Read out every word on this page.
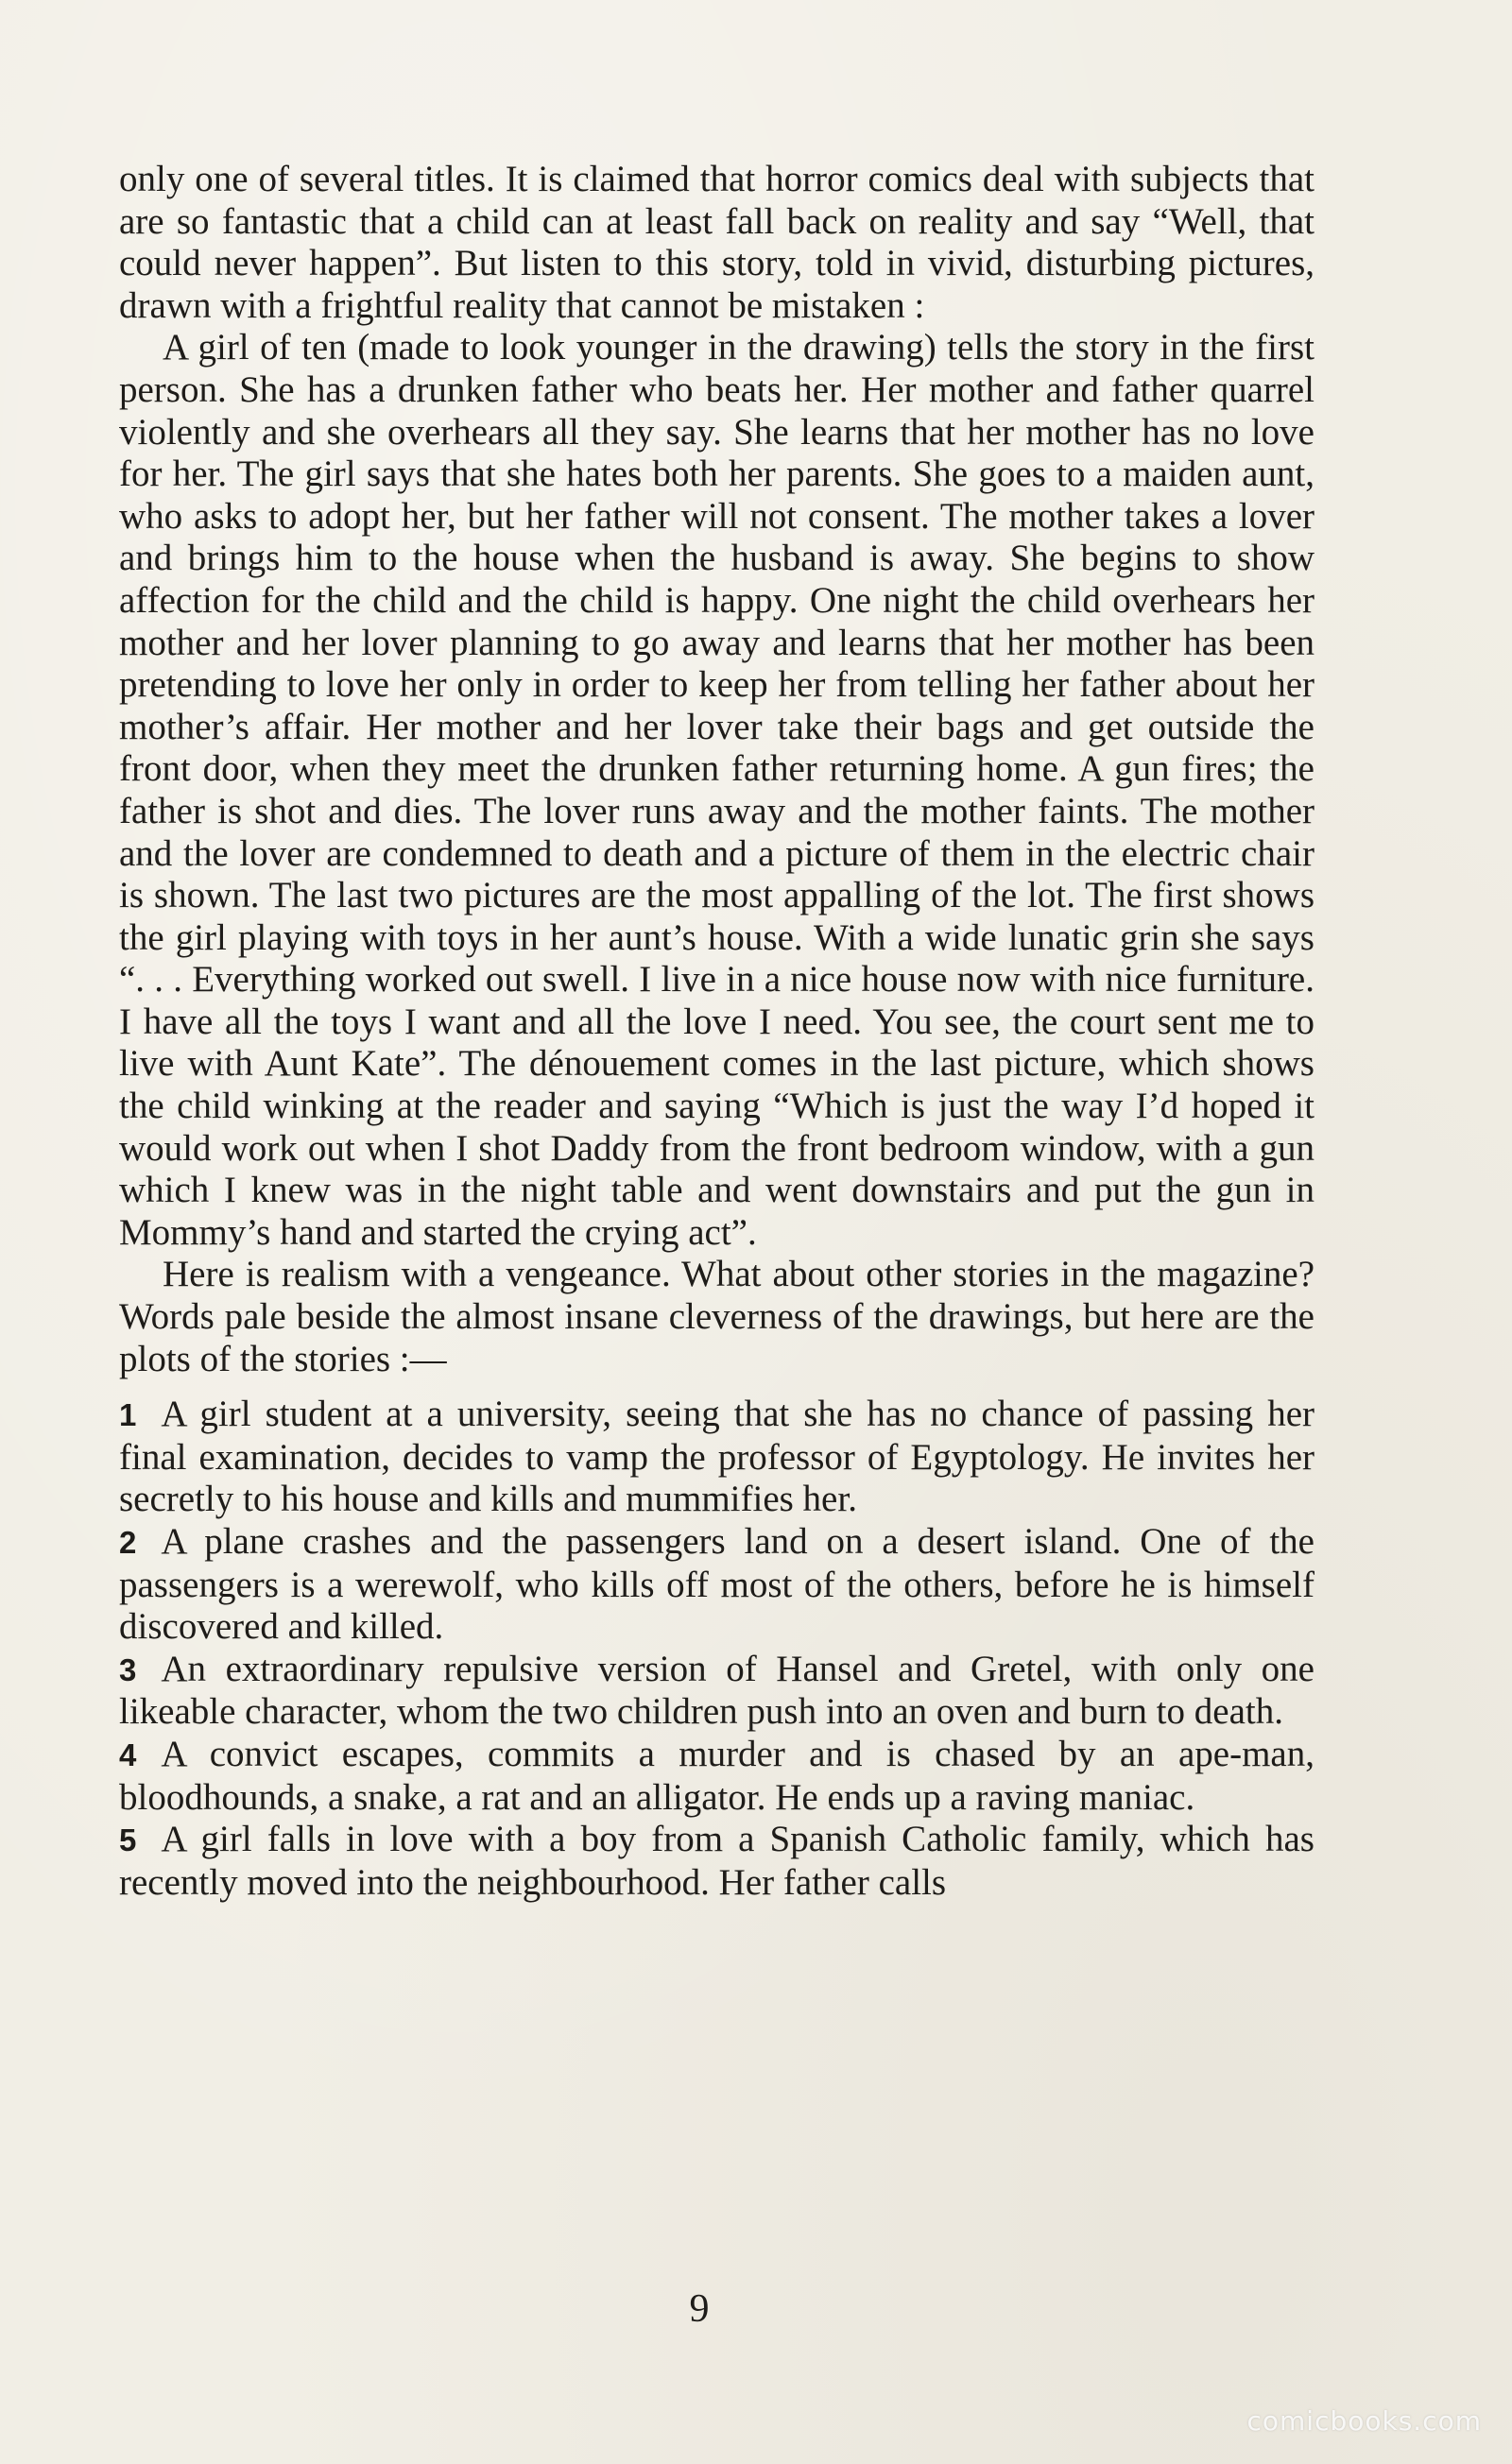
only one of several titles. It is claimed that horror comics deal with subjects that are so fantastic that a child can at least fall back on reality and say “Well, that could never happen”. But listen to this story, told in vivid, disturbing pictures, drawn with a frightful reality that cannot be mistaken :

A girl of ten (made to look younger in the drawing) tells the story in the first person. She has a drunken father who beats her. Her mother and father quarrel violently and she overhears all they say. She learns that her mother has no love for her. The girl says that she hates both her parents. She goes to a maiden aunt, who asks to adopt her, but her father will not consent. The mother takes a lover and brings him to the house when the husband is away. She begins to show affection for the child and the child is happy. One night the child overhears her mother and her lover planning to go away and learns that her mother has been pretending to love her only in order to keep her from telling her father about her mother’s affair. Her mother and her lover take their bags and get outside the front door, when they meet the drunken father returning home. A gun fires; the father is shot and dies. The lover runs away and the mother faints. The mother and the lover are condemned to death and a picture of them in the electric chair is shown. The last two pictures are the most appalling of the lot. The first shows the girl playing with toys in her aunt’s house. With a wide lunatic grin she says “. . . Everything worked out swell. I live in a nice house now with nice furniture. I have all the toys I want and all the love I need. You see, the court sent me to live with Aunt Kate”. The dénouement comes in the last picture, which shows the child winking at the reader and saying “Which is just the way I’d hoped it would work out when I shot Daddy from the front bedroom window, with a gun which I knew was in the night table and went downstairs and put the gun in Mommy’s hand and started the crying act”.

Here is realism with a vengeance. What about other stories in the magazine? Words pale beside the almost insane cleverness of the drawings, but here are the plots of the stories :—

1 A girl student at a university, seeing that she has no chance of passing her final examination, decides to vamp the professor of Egyptology. He invites her secretly to his house and kills and mummifies her.

2 A plane crashes and the passengers land on a desert island. One of the passengers is a werewolf, who kills off most of the others, before he is himself discovered and killed.

3 An extraordinary repulsive version of Hansel and Gretel, with only one likeable character, whom the two children push into an oven and burn to death.

4 A convict escapes, commits a murder and is chased by an ape-man, bloodhounds, a snake, a rat and an alligator. He ends up a raving maniac.

5 A girl falls in love with a boy from a Spanish Catholic family, which has recently moved into the neighbourhood. Her father calls

9
comicbooks.com
